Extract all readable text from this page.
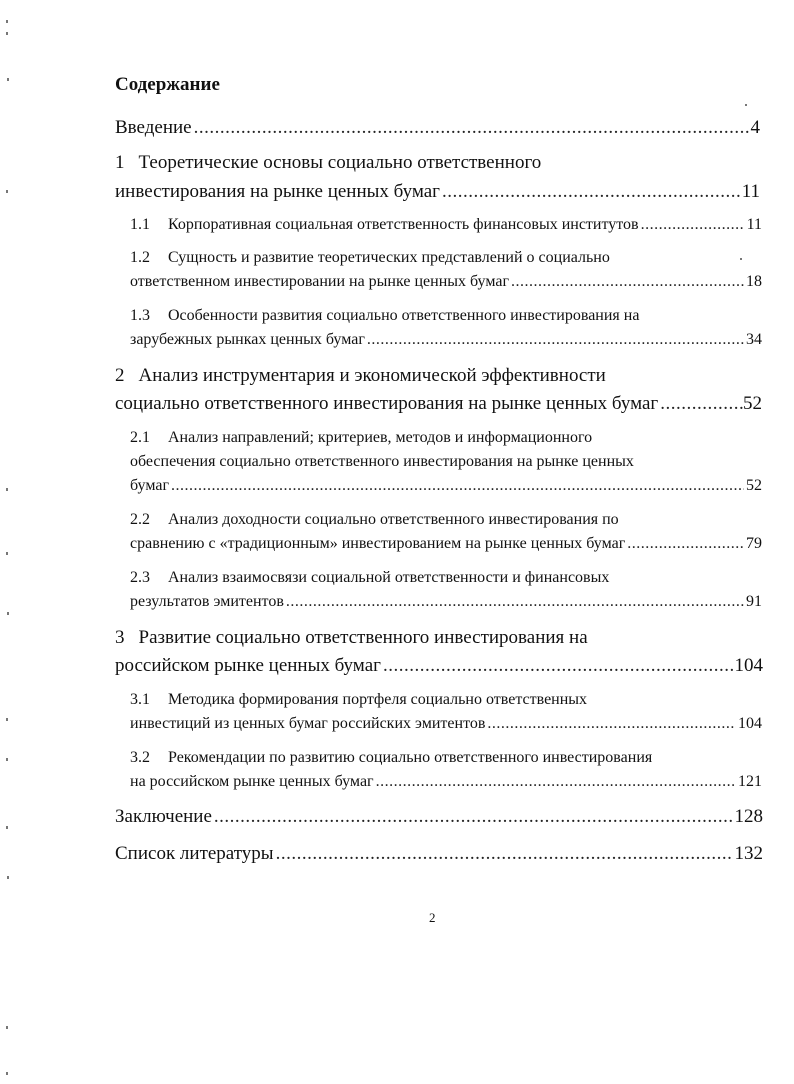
Содержание
Введение .....	4
1 Теоретические основы социально ответственного
инвестирования на рынке ценных бумаг .....	11
1.1 Корпоративная социальная ответственность финансовых институтов .....	11
1.2 Сущность и развитие теоретических представлений о социально
ответственном инвестировании на рынке ценных бумаг .....	18
1.3 Особенности развития социально ответственного инвестирования на
зарубежных рынках ценных бумаг .....	34
2 Анализ инструментария и экономической эффективности
социально ответственного инвестирования на рынке ценных бумаг .....	52
2.1 Анализ направлений; критериев, методов и информационного
обеспечения социально ответственного инвестирования на рынке ценных
бумаг .....	52
2.2 Анализ доходности социально ответственного инвестирования по
сравнению с «традиционным» инвестированием на рынке ценных бумаг .....	79
2.3 Анализ взаимосвязи социальной ответственности и финансовых
результатов эмитентов .....	91
3 Развитие социально ответственного инвестирования на
российском рынке ценных бумаг .....	104
3.1 Методика формирования портфеля социально ответственных
инвестиций из ценных бумаг российских эмитентов .....	104
3.2 Рекомендации по развитию социально ответственного инвестирования
на российском рынке ценных бумаг .....	121
Заключение .....	128
Список литературы .....	132
2
